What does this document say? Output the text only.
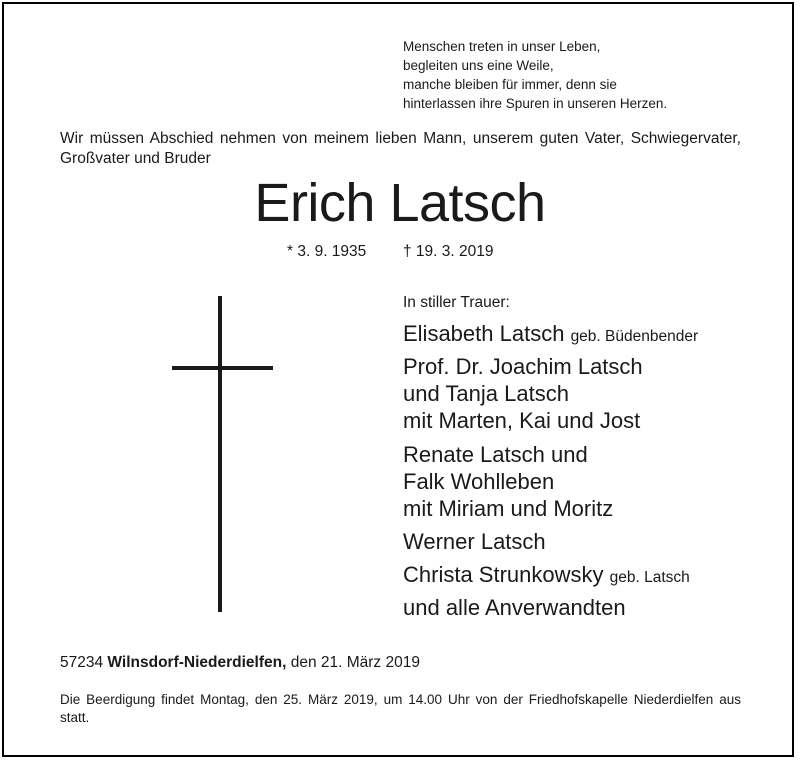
Menschen treten in unser Leben,
begleiten uns eine Weile,
manche bleiben für immer, denn sie
hinterlassen ihre Spuren in unseren Herzen.
Wir müssen Abschied nehmen von meinem lieben Mann, unserem guten Vater, Schwiegervater, Großvater und Bruder
Erich Latsch
* 3. 9. 1935 † 19. 3. 2019
In stiller Trauer:
Elisabeth Latsch geb. Büdenbender
Prof. Dr. Joachim Latsch
und Tanja Latsch
mit Marten, Kai und Jost
Renate Latsch und
Falk Wohlleben
mit Miriam und Moritz
Werner Latsch
Christa Strunkowsky geb. Latsch
und alle Anverwandten
57234 Wilnsdorf-Niederdielfen, den 21. März 2019
Die Beerdigung findet Montag, den 25. März 2019, um 14.00 Uhr von der Friedhofskapelle Niederdielfen aus statt.
